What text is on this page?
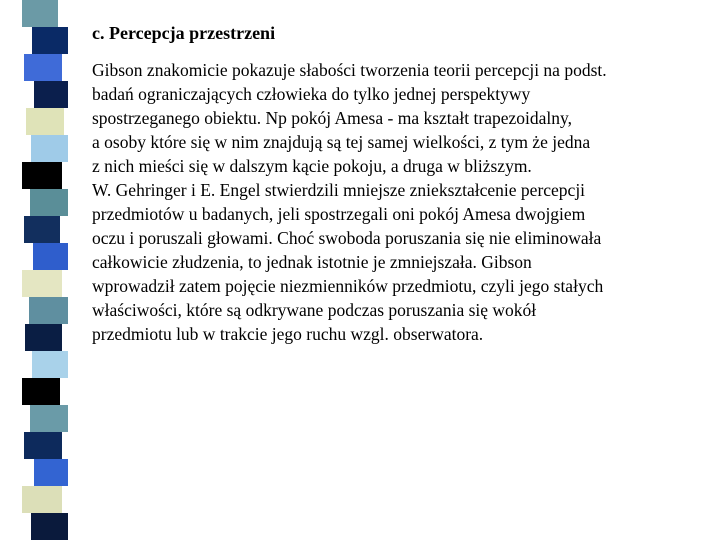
c. Percepcja przestrzeni
Gibson znakomicie pokazuje słabości tworzenia teorii percepcji na podst.
badań ograniczających człowieka do tylko jednej perspektywy
spostrzeganego obiektu. Np pokój Amesa - ma kształt trapezoidalny,
a osoby które się w nim znajdują są tej samej wielkości, z tym że jedna
z nich mieści się w dalszym kącie pokoju, a druga w bliższym.
W. Gehringer i E. Engel stwierdzili mniejsze zniekształcenie percepcji
przedmiotów u badanych, jeli spostrzegali oni pokój Amesa dwojgiem
oczu i poruszali głowami. Choć swoboda poruszania się nie eliminowała
całkowicie złudzenia, to jednak istotnie je zmniejszała. Gibson
wprowadził zatem pojęcie niezmienników przedmiotu, czyli jego stałych
właściwości, które są odkrywane podczas poruszania się wokół
przedmiotu lub w trakcie jego ruchu wzgl. obserwatora.
